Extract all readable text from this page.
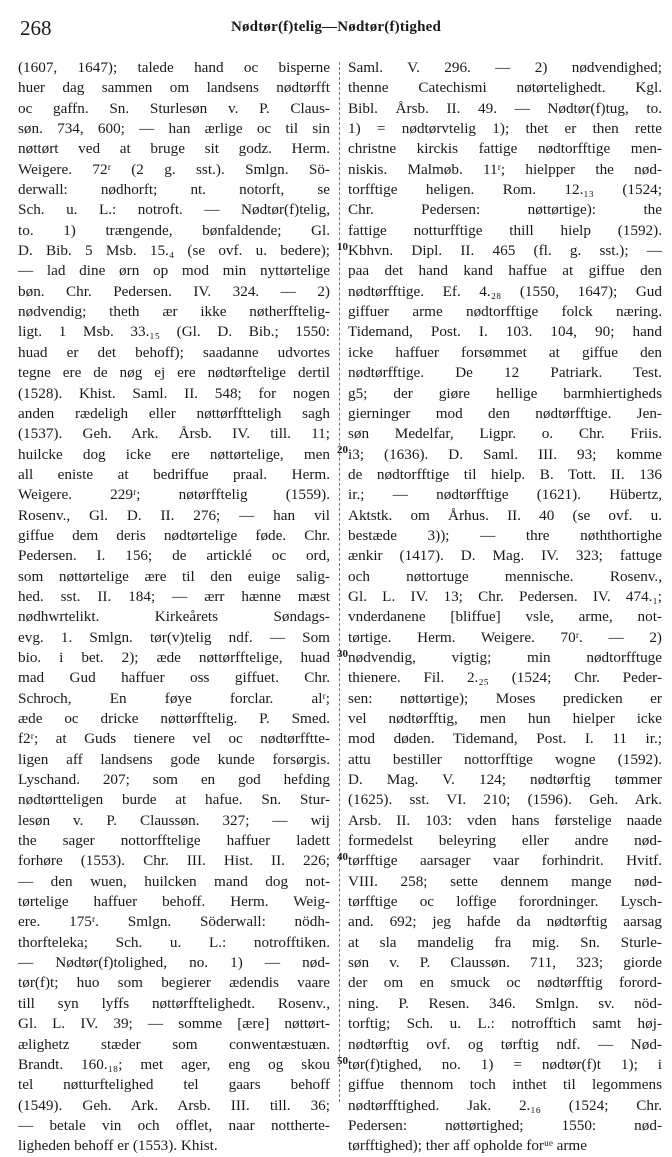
268	Nødtør(f)telig—Nødtør(f)tighed
(1607, 1647); talede hand oc bisperne
huer dag sammen om landsens nødtørfft
oc gaffn. Sn. Sturlesøn v. P. Claus-
søn. 734, 600; — han ærlige oc til sin
nøttørt ved at bruge sit godz. Herm.
Weigere. 72ʳ (2 g. sst.). Smlgn. Sö-
derwall: nødhorft; nt. notorft, se
Sch. u. L.: notroft. — Nødtør(f)telig,
to. 1) trængende, bønfaldende; Gl.
D. Bib. 5 Msb. 15.₄ (se ovf. u. bedere);
— lad dine ørn op mod min nyttørtelige
bøn. Chr. Pedersen. IV. 324. — 2)
nødvendig; theth ær ikke nøtherfftelig-
ligt. 1 Msb. 33.₁₅ (Gl. D. Bib.; 1550:
huad er det behoff); saadanne udvortes
tegne ere de nøg ej ere nødtørftelige dertil
(1528). Khist. Saml. II. 548; for nogen
anden rædeligh eller nøttørfftteligh sagh
(1537). Geh. Ark. Årsb. IV. till. 11;
huilcke dog icke ere nøttørtelige, men
all eniste at bedriffue praal. Herm.
Weigere. 229ʳ; nøtørfftelig (1559).
Rosenv., Gl. D. II. 276; — han vil
giffue dem deris nødtørtelige føde. Chr.
Pedersen. I. 156; de articklé oc ord,
som nøttørtelige ære til den euige salig-
hed. sst. II. 184; — ærr hænne mæst
nødhwrtelikt. Kirkeårets Søndags-
evg. 1. Smlgn. tør(v)telig ndf. — Som
bio. i bet. 2); æde nøttørfftelige, huad
mad Gud haffuer oss giffuet. Chr.
Schroch, En føye forclar. alʳ;
æde oc dricke nøttørfftelig. P. Smed.
f2ʳ; at Guds tienere vel oc nødtørfftte-
ligen aff landsens gode kunde forsørgis.
Lyschand. 207; som en god hefding
nødtørtteligen burde at hafue. Sn. Stur-
lesøn v. P. Claussøn. 327; — wij
the sager nottorfftelige haffuer ladett
forhøre (1553). Chr. III. Hist. II. 226;
— den wuen, huilcken mand dog not-
tørtelige haffuer behoff. Herm. Weig-
ere. 175ʳ. Smlgn. Söderwall: nödh-
thorfteleka; Sch. u. L.: notrofftiken.
— Nødtør(f)tolighed, no. 1) — nød-
tør(f)t; huo som begierer ædendis vaare
till syn lyffs nøttørfftelighedt. Rosenv.,
Gl. L. IV. 39; — somme [ære] nøttørt-
ælighetz stæder som conwentæstuæn.
Brandt. 160.₁₈; met ager, eng og skou
tel nøtturftelighed tel gaars behoff
(1549). Geh. Ark. Arsb. III. till. 36;
— betale vin och offlet, naar nottherte-
ligheden behoff er (1553). Khist.
Saml. V. 296. — 2) nødvendighed;
thenne Catechismi nøtørtelighedt. Kgl.
Bibl. Årsb. II. 49. — Nødtør(f)tug, to.
1) = nødtørvtelig 1); thet er then rette
christne kirckis fattige nødtorfftige men-
niskis. Malmøb. 11ʳ; hielpper the nød-
torfftige heligen. Rom. 12.₁₃ (1524;
Chr. Pedersen: nøttørtige): the
fattige notturfftige thill hielp (1592).
Kbhvn. Dipl. II. 465 (fl. g. sst.); —
paa det hand kand haffue at giffue den
nødtørfftige. Ef. 4.₂₈ (1550, 1647); Gud
giffuer arme nødtorfftige folck næring.
Tidemand, Post. I. 103. 104, 90; hand
icke haffuer forsømmet at giffue den
nødtørfftige. De 12 Patriark. Test.
g5; der giøre hellige barmhiertigheds
gierninger mod den nødtørfftige. Jen-
søn Medelfar, Ligpr. o. Chr. Friis.
i3; (1636). D. Saml. III. 93; komme
de nødtorfftige til hielp. B. Tott. II. 136
ir.; — nødtørfftige (1621). Hübertz,
Aktstk. om Århus. II. 40 (se ovf. u.
bestæde 3)); — thre nøththortighe
ænkir (1417). D. Mag. IV. 323; fattuge
och nøttortuge mennische. Rosenv.,
Gl. L. IV. 13; Chr. Pedersen. IV. 474.₁;
vnderdanene [bliffue] vsle, arme, not-
tørtige. Herm. Weigere. 70ʳ. — 2)
nødvendig, vigtig; min nødtorfftuge
thienere. Fil. 2.₂₅ (1524; Chr. Peder-
sen: nøttørtige); Moses predicken er
vel nødtørfftig, men hun hielper icke
mod døden. Tidemand, Post. I. 11 ir.;
attu bestiller nottorfftige wogne (1592).
D. Mag. V. 124; nødtørftig tømmer
(1625). sst. VI. 210; (1596). Geh. Ark.
Arsb. II. 103: vden hans førstelige naade
formedelst beleyring eller andre nød-
tørfftige aarsager vaar forhindrit. Hvitf.
VIII. 258; sette dennem mange nød-
tørfftige oc loffige forordninger. Lysch-
and. 692; jeg hafde da nødtørftig aarsag
at sla mandelig fra mig. Sn. Sturle-
søn v. P. Claussøn. 711, 323; giorde
der om en smuck oc nødtørfftig forord-
ning. P. Resen. 346. Smlgn. sv. nöd-
torftig; Sch. u. L.: notrofftich samt høj-
nødtørftig ovf. og tørftig ndf. — Nød-
tør(f)tighed, no. 1) = nødtør(f)t 1); i
giffue thennom toch inthet til legommens
nødtørfftighed. Jak. 2.₁₆ (1524; Chr.
Pedersen: nøttørtighed; 1550: nød-
tørfftighed); ther aff opholde forᵘᵉ arme
10
20
30
40
50
